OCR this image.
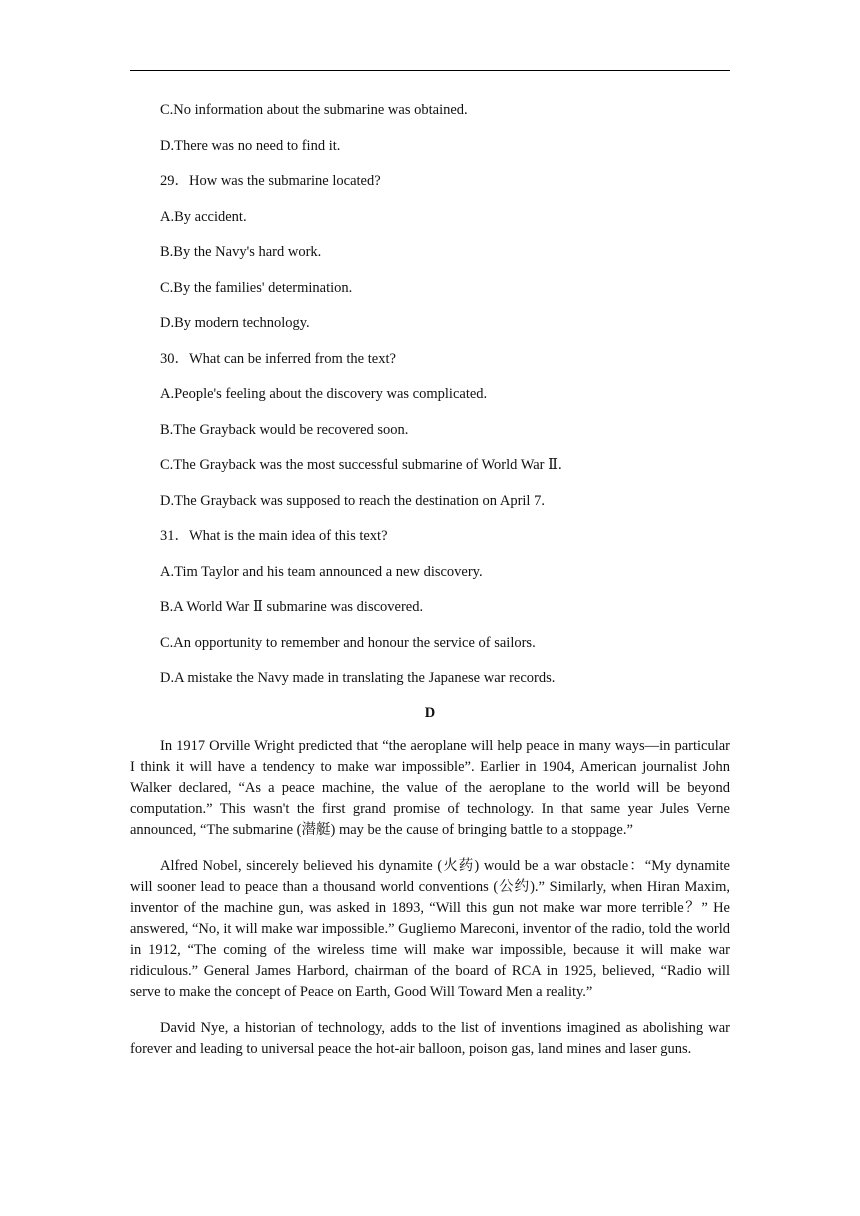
C.No information about the submarine was obtained.
D.There was no need to find it.
29．How was the submarine located?
A.By accident.
B.By the Navy's hard work.
C.By the families' determination.
D.By modern technology.
30．What can be inferred from the text?
A.People's feeling about the discovery was complicated.
B.The Grayback would be recovered soon.
C.The Grayback was the most successful submarine of World War Ⅱ.
D.The Grayback was supposed to reach the destination on April 7.
31．What is the main idea of this text?
A.Tim Taylor and his team announced a new discovery.
B.A World War Ⅱ submarine was discovered.
C.An opportunity to remember and honour the service of sailors.
D.A mistake the Navy made in translating the Japanese war records.
D

In 1917 Orville Wright predicted that “the aeroplane will help peace in many ways—in particular I think it will have a tendency to make war impossible”. Earlier in 1904, American journalist John Walker declared, “As a peace machine, the value of the aeroplane to the world will be beyond computation.” This wasn't the first grand promise of technology. In that same year Jules Verne announced, “The submarine (潜艇) may be the cause of bringing battle to a stoppage.”

Alfred Nobel, sincerely believed his dynamite (火药) would be a war obstacle：“My dynamite will sooner lead to peace than a thousand world conventions (公约).” Similarly, when Hiran Maxim, inventor of the machine gun, was asked in 1893, “Will this gun not make war more terrible？” He answered, “No, it will make war impossible.” Gugliemo Mareconi, inventor of the radio, told the world in 1912, “The coming of the wireless time will make war impossible, because it will make war ridiculous.” General James Harbord, chairman of the board of RCA in 1925, believed, “Radio will serve to make the concept of Peace on Earth, Good Will Toward Men a reality.”

David Nye, a historian of technology, adds to the list of inventions imagined as abolishing war forever and leading to universal peace the hot-air balloon, poison gas, land mines and laser guns.
